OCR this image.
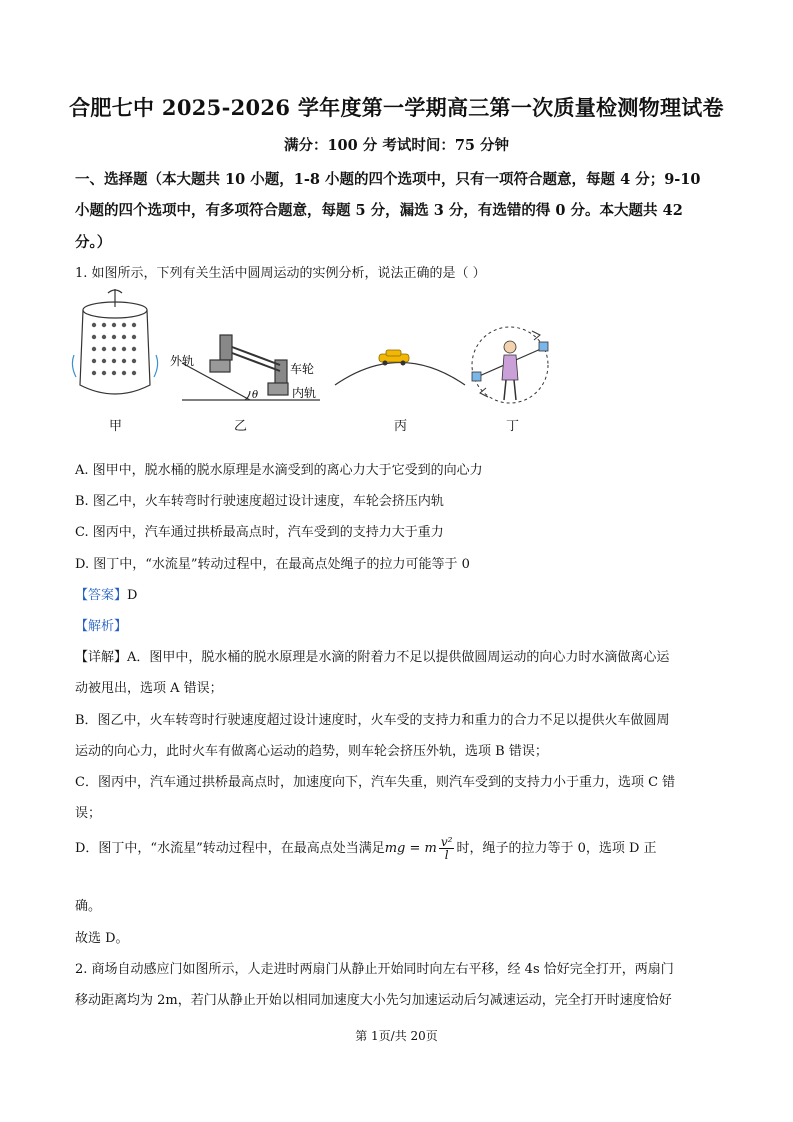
合肥七中 2025-2026 学年度第一学期高三第一次质量检测物理试卷
满分：100 分 考试时间：75 分钟
一、选择题（本大题共 10 小题，1-8 小题的四个选项中，只有一项符合题意，每题 4 分；9-10
小题的四个选项中，有多项符合题意，每题 5 分，漏选 3 分，有选错的得 0 分。本大题共 42
分。）
1. 如图所示，下列有关生活中圆周运动的实例分析，说法正确的是（ ）
外轨
车轮
内轨
θ
甲	乙	丙	丁
A. 图甲中，脱水桶的脱水原理是水滴受到的离心力大于它受到的向心力
B. 图乙中，火车转弯时行驶速度超过设计速度，车轮会挤压内轨
C. 图丙中，汽车通过拱桥最高点时，汽车受到的支持力大于重力
D. 图丁中，“水流星”转动过程中，在最高点处绳子的拉力可能等于 0
【答案】D
【解析】
【详解】A．图甲中，脱水桶的脱水原理是水滴的附着力不足以提供做圆周运动的向心力时水滴做离心运
动被甩出，选项 A 错误；
B．图乙中，火车转弯时行驶速度超过设计速度时，火车受的支持力和重力的合力不足以提供火车做圆周
运动的向心力，此时火车有做离心运动的趋势，则车轮会挤压外轨，选项 B 错误；
C．图丙中，汽车通过拱桥最高点时，加速度向下，汽车失重，则汽车受到的支持力小于重力，选项 C 错
误；
D．图丁中，“水流星”转动过程中，在最高点处当满足mg = m $\frac{\text{v²}}{l}$ 时，绳子的拉力等于 0，选项 D 正
确。
故选 D。
2. 商场自动感应门如图所示，人走进时两扇门从静止开始同时向左右平移，经 4s 恰好完全打开，两扇门
移动距离均为 2m，若门从静止开始以相同加速度大小先匀加速运动后匀减速运动，完全打开时速度恰好
第 1页/共 20页
